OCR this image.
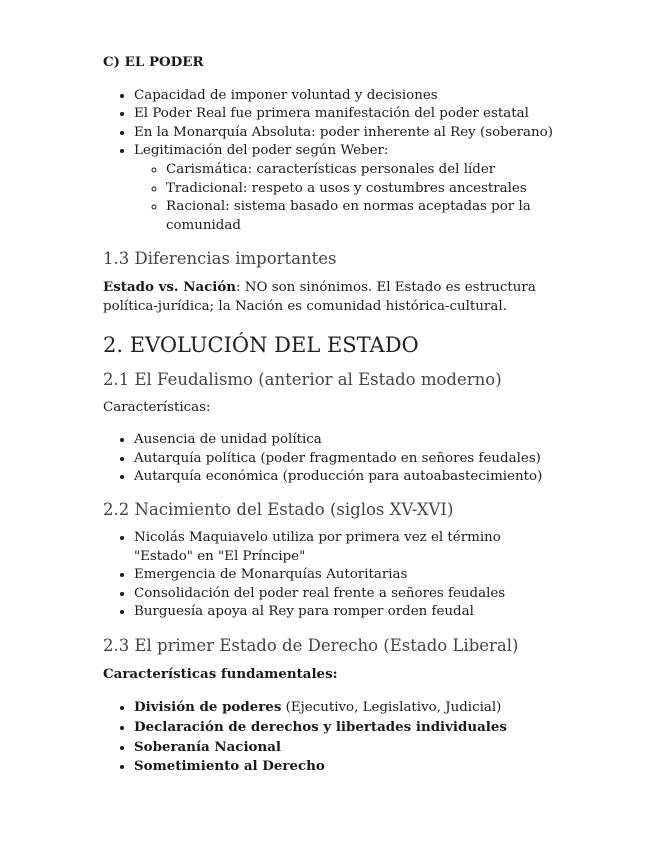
C) EL PODER

• Capacidad de imponer voluntad y decisiones
• El Poder Real fue primera manifestación del poder estatal
• En la Monarquía Absoluta: poder inherente al Rey (soberano)
• Legitimación del poder según Weber:
◦ Carismática: características personales del líder
◦ Tradicional: respeto a usos y costumbres ancestrales
◦ Racional: sistema basado en normas aceptadas por la comunidad
1.3 Diferencias importantes

Estado vs. Nación: NO son sinónimos. El Estado es estructura política-jurídica; la Nación es comunidad histórica-cultural.

2. EVOLUCIÓN DEL ESTADO
2.1 El Feudalismo (anterior al Estado moderno)

Características:

• Ausencia de unidad política
• Autarquía política (poder fragmentado en señores feudales)
• Autarquía económica (producción para autoabastecimiento)
2.2 Nacimiento del Estado (siglos XV-XVI)
• Nicolás Maquiavelo utiliza por primera vez el término "Estado" en "El Príncipe"
• Emergencia de Monarquías Autoritarias
• Consolidación del poder real frente a señores feudales
• Burguesía apoya al Rey para romper orden feudal
2.3 El primer Estado de Derecho (Estado Liberal)

Características fundamentales:

• División de poderes (Ejecutivo, Legislativo, Judicial)
• Declaración de derechos y libertades individuales
• Soberanía Nacional
• Sometimiento al Derecho
